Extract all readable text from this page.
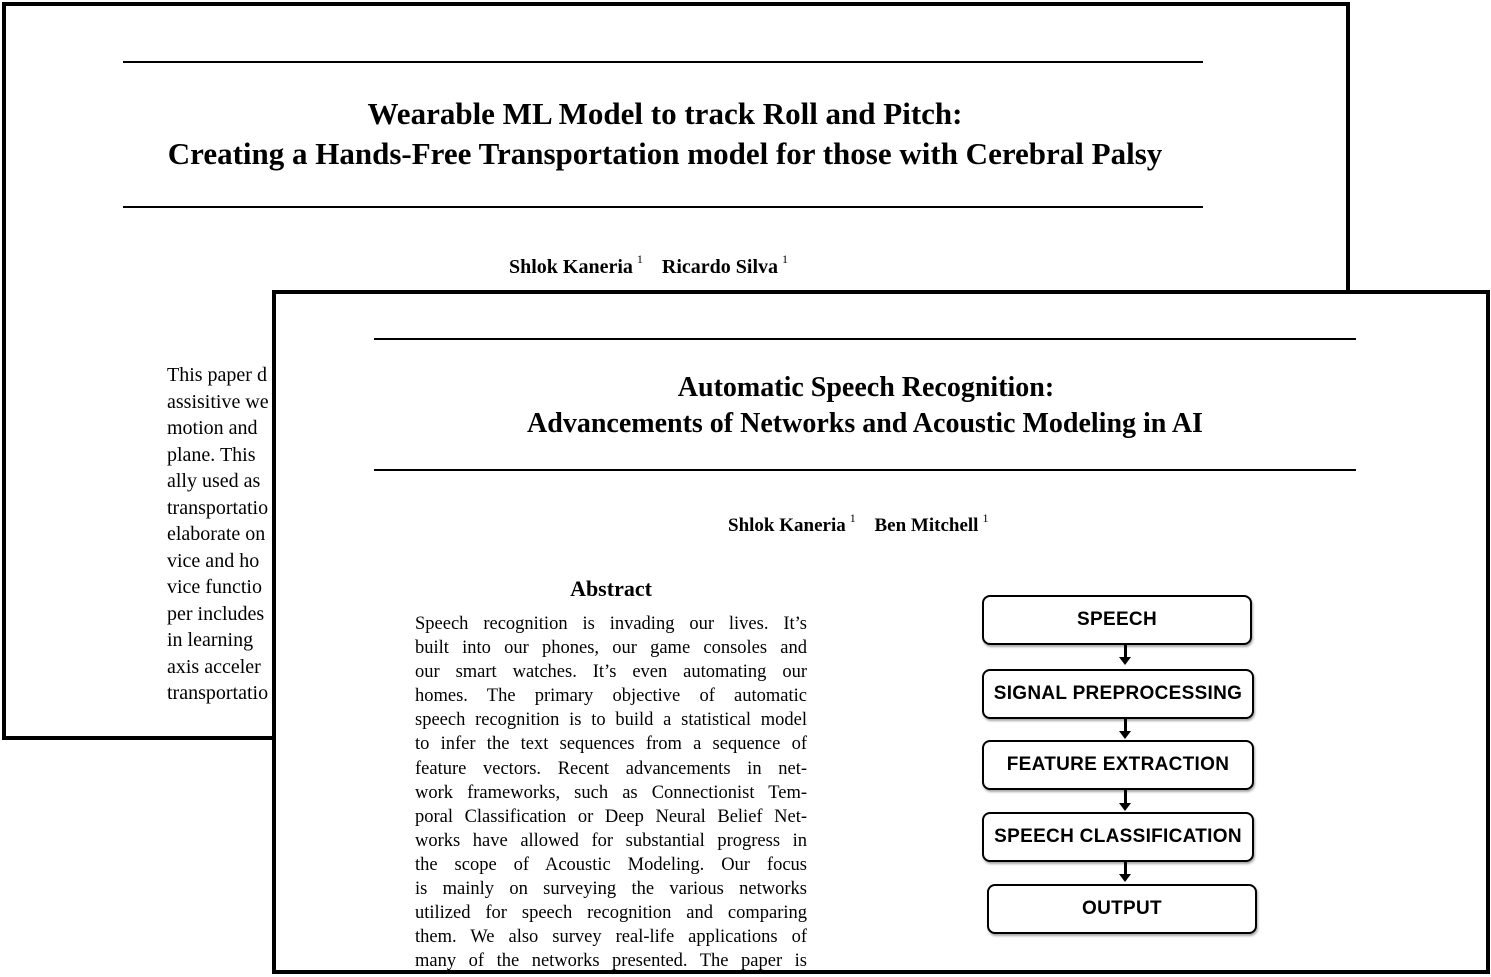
Wearable ML Model to track Roll and Pitch:
Creating a Hands-Free Transportation model for those with Cerebral Palsy
Shlok Kaneria $^1$ Ricardo Silva $^1$
This paper d
assisitive we
motion and
plane. This
ally used as
transportatio
elaborate on
vice and ho
vice functio
per includes
in learning
axis acceler
transportatio
Automatic Speech Recognition:
Advancements of Networks and Acoustic Modeling in AI
Shlok Kaneria $^1$ Ben Mitchell $^1$
Abstract
Speech recognition is invading our lives. It’s
built into our phones, our game consoles and
our smart watches. It’s even automating our
homes. The primary objective of automatic
speech recognition is to build a statistical model
to infer the text sequences from a sequence of
feature vectors. Recent advancements in net-
work frameworks, such as Connectionist Tem-
poral Classification or Deep Neural Belief Net-
works have allowed for substantial progress in
the scope of Acoustic Modeling. Our focus
is mainly on surveying the various networks
utilized for speech recognition and comparing
them. We also survey real-life applications of
many of the networks presented. The paper is
SPEECH
SIGNAL PREPROCESSING
FEATURE EXTRACTION
SPEECH CLASSIFICATION
OUTPUT
